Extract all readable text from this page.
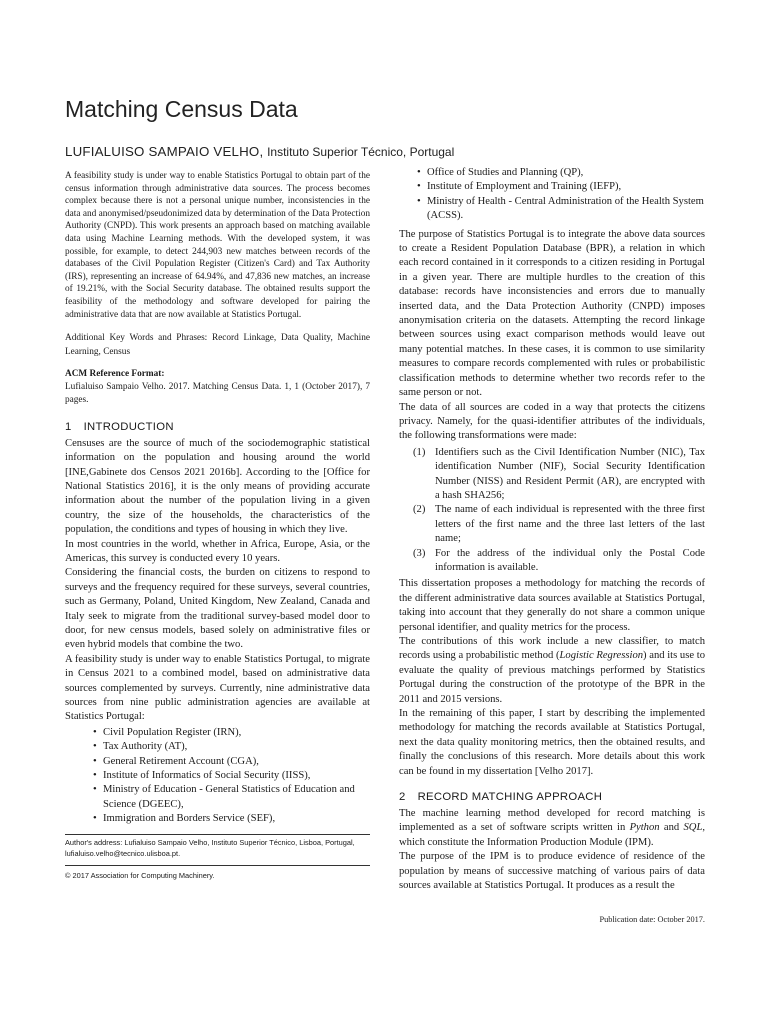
Matching Census Data
LUFIALUISO SAMPAIO VELHO, Instituto Superior Técnico, Portugal

A feasibility study is under way to enable Statistics Portugal to obtain part of the census information through administrative data sources. The process becomes complex because there is not a personal unique number, inconsistencies in the data and anonymised/pseudonimized data by determination of the Data Protection Authority (CNPD). This work presents an approach based on matching available data using Machine Learning methods. With the developed system, it was possible, for example, to detect 244,903 new matches between records of the databases of the Civil Population Register (Citizen's Card) and Tax Authority (IRS), representing an increase of 64.94%, and 47,836 new matches, an increase of 19.21%, with the Social Security database. The obtained results support the feasibility of the methodology and software developed for pairing the administrative data that are now available at Statistics Portugal.

Additional Key Words and Phrases: Record Linkage, Data Quality, Machine Learning, Census

ACM Reference Format:

Lufialuiso Sampaio Velho. 2017. Matching Census Data. 1, 1 (October 2017), 7 pages.

1 INTRODUCTION

Censuses are the source of much of the sociodemographic statistical information on the population and housing around the world [INE,Gabinete dos Censos 2021 2016b]. According to the [Office for National Statistics 2016], it is the only means of providing accurate information about the number of the population living in a given country, the size of the households, the characteristics of the population, the conditions and types of housing in which they live.

In most countries in the world, whether in Africa, Europe, Asia, or the Americas, this survey is conducted every 10 years.

Considering the financial costs, the burden on citizens to respond to surveys and the frequency required for these surveys, several countries, such as Germany, Poland, United Kingdom, New Zealand, Canada and Italy seek to migrate from the traditional survey-based model door to door, for new census models, based solely on administrative files or even hybrid models that combine the two.

A feasibility study is under way to enable Statistics Portugal, to migrate in Census 2021 to a combined model, based on administrative data sources complemented by surveys. Currently, nine administrative data sources from nine public administration agencies are available at Statistics Portugal:

• Civil Population Register (IRN),
• Tax Authority (AT),
• General Retirement Account (CGA),
• Institute of Informatics of Social Security (IISS),
• Ministry of Education - General Statistics of Education and Science (DGEEC),
• Immigration and Borders Service (SEF),

Author's address: Lufialuiso Sampaio Velho, Instituto Superior Técnico, Lisboa, Portugal, lufialuiso.velho@tecnico.ulisboa.pt.

© 2017 Association for Computing Machinery.

• Office of Studies and Planning (QP),
• Institute of Employment and Training (IEFP),
• Ministry of Health - Central Administration of the Health System (ACSS).

The purpose of Statistics Portugal is to integrate the above data sources to create a Resident Population Database (BPR), a relation in which each record contained in it corresponds to a citizen residing in Portugal in a given year. There are multiple hurdles to the creation of this database: records have inconsistencies and errors due to manually inserted data, and the Data Protection Authority (CNPD) imposes anonymisation criteria on the datasets. Attempting the record linkage between sources using exact comparison methods would leave out many potential matches. In these cases, it is common to use similarity measures to compare records complemented with rules or probabilistic classification methods to determine whether two records refer to the same person or not.

The data of all sources are coded in a way that protects the citizens privacy. Namely, for the quasi-identifier attributes of the individuals, the following transformations were made:

(1) Identifiers such as the Civil Identification Number (NIC), Tax identification Number (NIF), Social Security Identification Number (NISS) and Resident Permit (AR), are encrypted with a hash SHA256;
(2) The name of each individual is represented with the three first letters of the first name and the three last letters of the last name;
(3) For the address of the individual only the Postal Code information is available.

This dissertation proposes a methodology for matching the records of the different administrative data sources available at Statistics Portugal, taking into account that they generally do not share a common unique personal identifier, and quality metrics for the process.

The contributions of this work include a new classifier, to match records using a probabilistic method (Logistic Regression) and its use to evaluate the quality of previous matchings performed by Statistics Portugal during the construction of the prototype of the BPR in the 2011 and 2015 versions.

In the remaining of this paper, I start by describing the implemented methodology for matching the records available at Statistics Portugal, next the data quality monitoring metrics, then the obtained results, and finally the conclusions of this research. More details about this work can be found in my dissertation [Velho 2017].

2 RECORD MATCHING APPROACH

The machine learning method developed for record matching is implemented as a set of software scripts written in Python and SQL, which constitute the Information Production Module (IPM).

The purpose of the IPM is to produce evidence of residence of the population by means of successive matching of various pairs of data sources available at Statistics Portugal. It produces as a result the

Publication date: October 2017.
